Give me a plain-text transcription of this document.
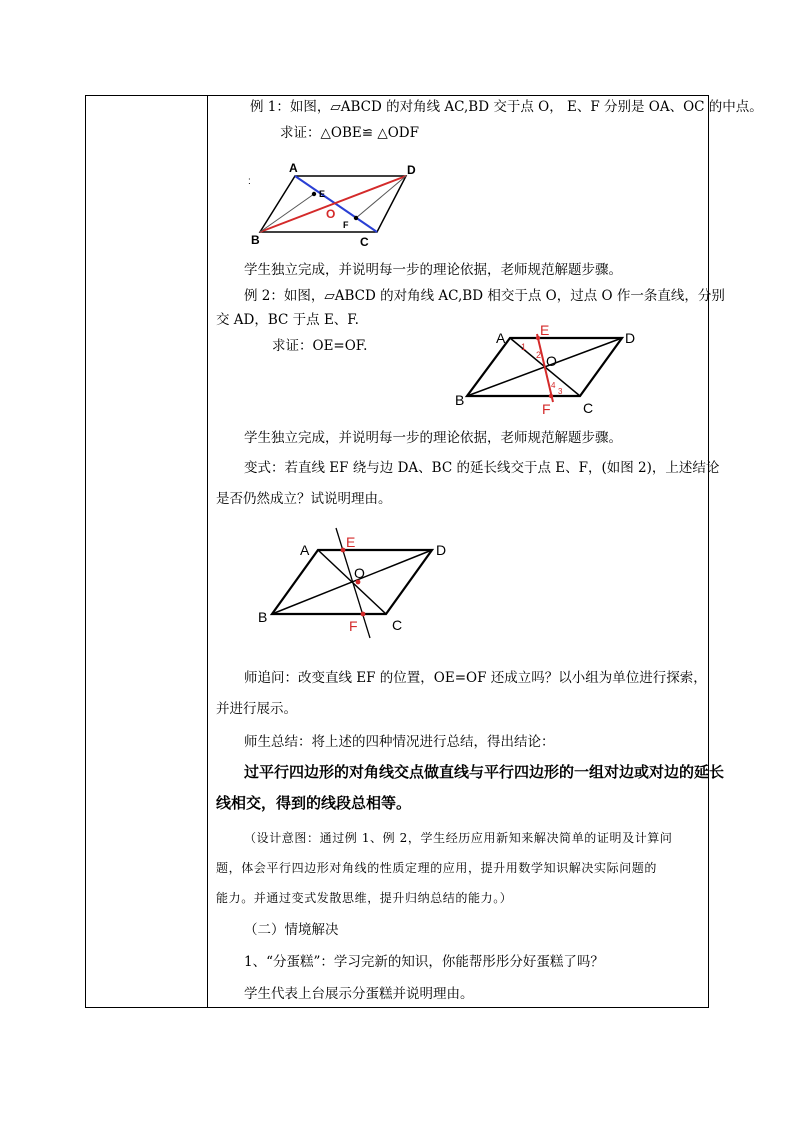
例 1：如图，▱ABCD 的对角线 AC,BD 交于点 O， E、F 分别是 OA、OC 的中点。
求证：△OBE≌ △ODF
A	D
B	C
E
F
O
:
学生独立完成，并说明每一步的理论依据，老师规范解题步骤。
例 2：如图，▱ABCD 的对角线 AC,BD 相交于点 O，过点 O 作一条直线，分别
交 AD，BC 于点 E、F.
求证：OE=OF.	A	D
B	C
E
F
O
1
2
4
3
学生独立完成，并说明每一步的理论依据，老师规范解题步骤。
变式：若直线 EF 绕与边 DA、BC 的延长线交于点 E、F，(如图 2)，上述结论
是否仍然成立？试说明理由。
A	D
B	C
E
F
O
师追问：改变直线 EF 的位置，OE=OF 还成立吗？以小组为单位进行探索，
并进行展示。
师生总结：将上述的四种情况进行总结，得出结论：
过平行四边形的对角线交点做直线与平行四边形的一组对边或对边的延长
线相交，得到的线段总相等。
（设计意图：通过例 1、例 2，学生经历应用新知来解决简单的证明及计算问
题，体会平行四边形对角线的性质定理的应用，提升用数学知识解决实际问题的
能力。并通过变式发散思维，提升归纳总结的能力。）
（二）情境解决
1、“分蛋糕”：学习完新的知识，你能帮彤彤分好蛋糕了吗？
学生代表上台展示分蛋糕并说明理由。
